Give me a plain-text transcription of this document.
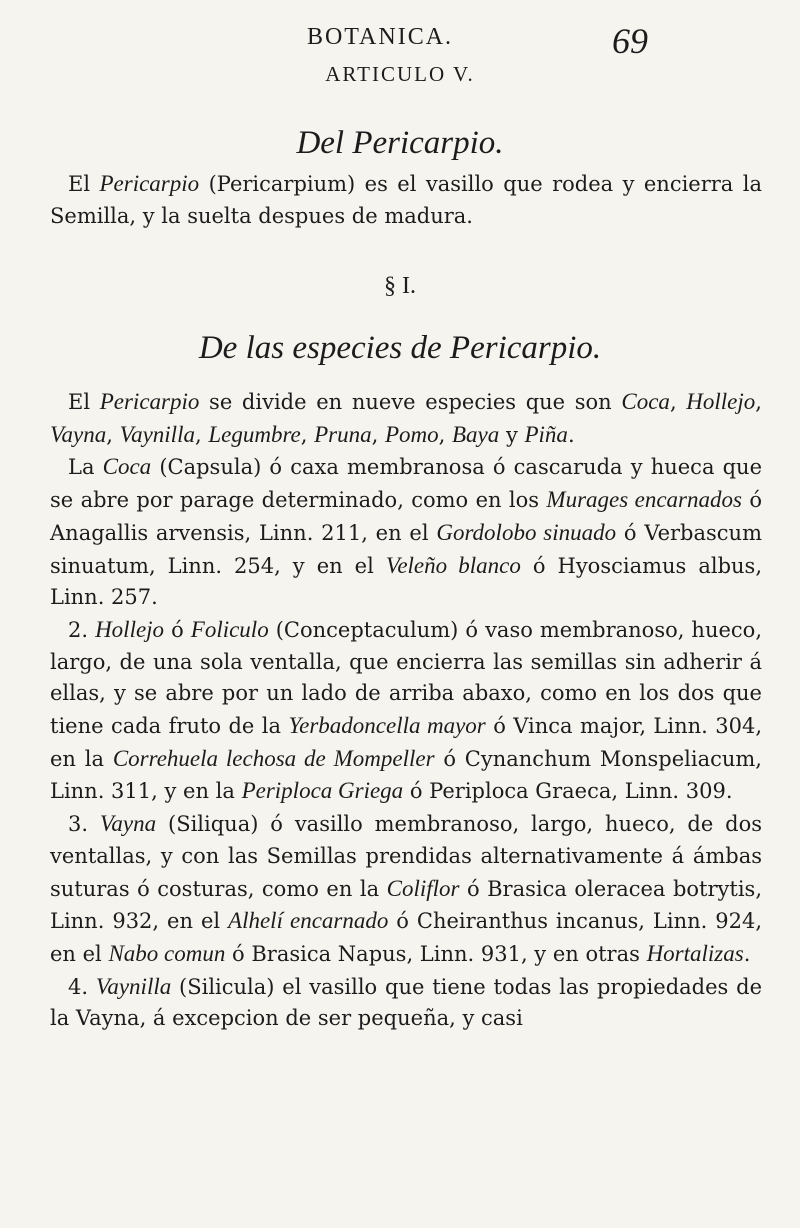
BOTANICA.	69
ARTICULO V.
Del Pericarpio.

El Pericarpio (Pericarpium) es el vasillo que rodea y encierra la Semilla, y la suelta despues de madura.

§ I.
De las especies de Pericarpio.

El Pericarpio se divide en nueve especies que son Coca, Hollejo, Vayna, Vaynilla, Legumbre, Pruna, Pomo, Baya y Piña.

La Coca (Capsula) ó caxa membranosa ó cascaruda y hueca que se abre por parage determinado, como en los Murages encarnados ó Anagallis arvensis, Linn. 211, en el Gordolobo sinuado ó Verbascum sinuatum, Linn. 254, y en el Veleño blanco ó Hyosciamus albus, Linn. 257.

2. Hollejo ó Foliculo (Conceptaculum) ó vaso membranoso, hueco, largo, de una sola ventalla, que encierra las semillas sin adherir á ellas, y se abre por un lado de arriba abaxo, como en los dos que tiene cada fruto de la Yerbadoncella mayor ó Vinca major, Linn. 304, en la Correhuela lechosa de Mompeller ó Cynanchum Monspeliacum, Linn. 311, y en la Periploca Griega ó Periploca Graeca, Linn. 309.

3. Vayna (Siliqua) ó vasillo membranoso, largo, hueco, de dos ventallas, y con las Semillas prendidas alternativamente á ámbas suturas ó costuras, como en la Coliflor ó Brasica oleracea botrytis, Linn. 932, en el Alhelí encarnado ó Cheiranthus incanus, Linn. 924, en el Nabo comun ó Brasica Napus, Linn. 931, y en otras Hortalizas.

4. Vaynilla (Silicula) el vasillo que tiene todas las propiedades de la Vayna, á excepcion de ser pequeña, y casi
